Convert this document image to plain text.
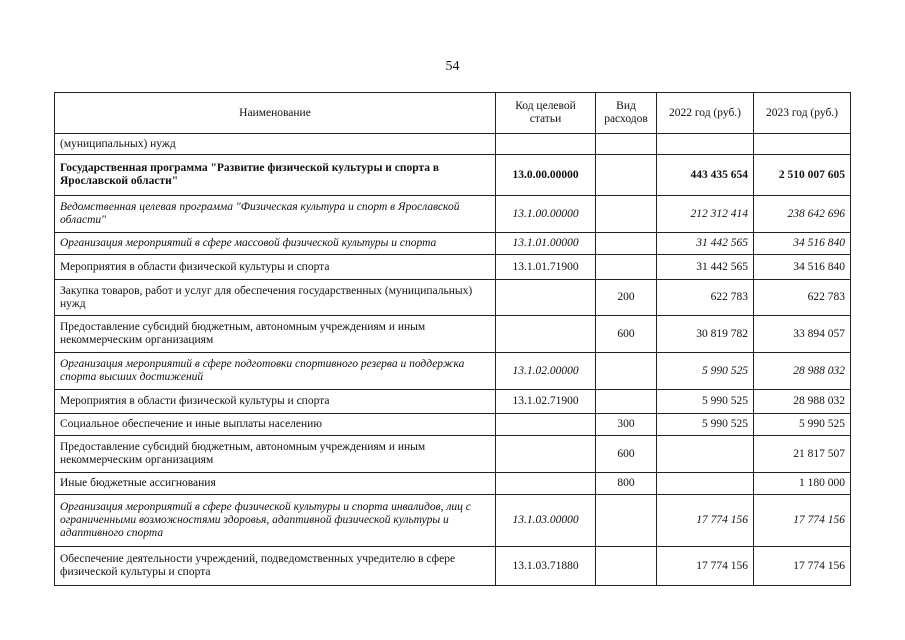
54
Наименование	Код целевой статьи	Вид расходов	2022 год (руб.)	2023 год (руб.)
(муниципальных) нужд				
Государственная программа "Развитие физической культуры и спорта в Ярославской области"	13.0.00.00000		443 435 654	2 510 007 605
Ведомственная целевая программа "Физическая культура и спорт в Ярославской области"	13.1.00.00000		212 312 414	238 642 696
Организация мероприятий в сфере массовой физической культуры и спорта	13.1.01.00000		31 442 565	34 516 840
Мероприятия в области физической культуры и спорта	13.1.01.71900		31 442 565	34 516 840
Закупка товаров, работ и услуг для обеспечения государственных (муниципальных) нужд		200	622 783	622 783
Предоставление субсидий бюджетным, автономным учреждениям и иным некоммерческим организациям		600	30 819 782	33 894 057
Организация мероприятий в сфере подготовки спортивного резерва и поддержка спорта высших достижений	13.1.02.00000		5 990 525	28 988 032
Мероприятия в области физической культуры и спорта	13.1.02.71900		5 990 525	28 988 032
Социальное обеспечение и иные выплаты населению		300	5 990 525	5 990 525
Предоставление субсидий бюджетным, автономным учреждениям и иным некоммерческим организациям		600		21 817 507
Иные бюджетные ассигнования		800		1 180 000
Организация мероприятий в сфере физической культуры и спорта инвалидов, лиц с ограниченными возможностями здоровья, адаптивной физической культуры и адаптивного спорта	13.1.03.00000		17 774 156	17 774 156
Обеспечение деятельности учреждений, подведомственных учредителю в сфере физической культуры и спорта	13.1.03.71880		17 774 156	17 774 156
